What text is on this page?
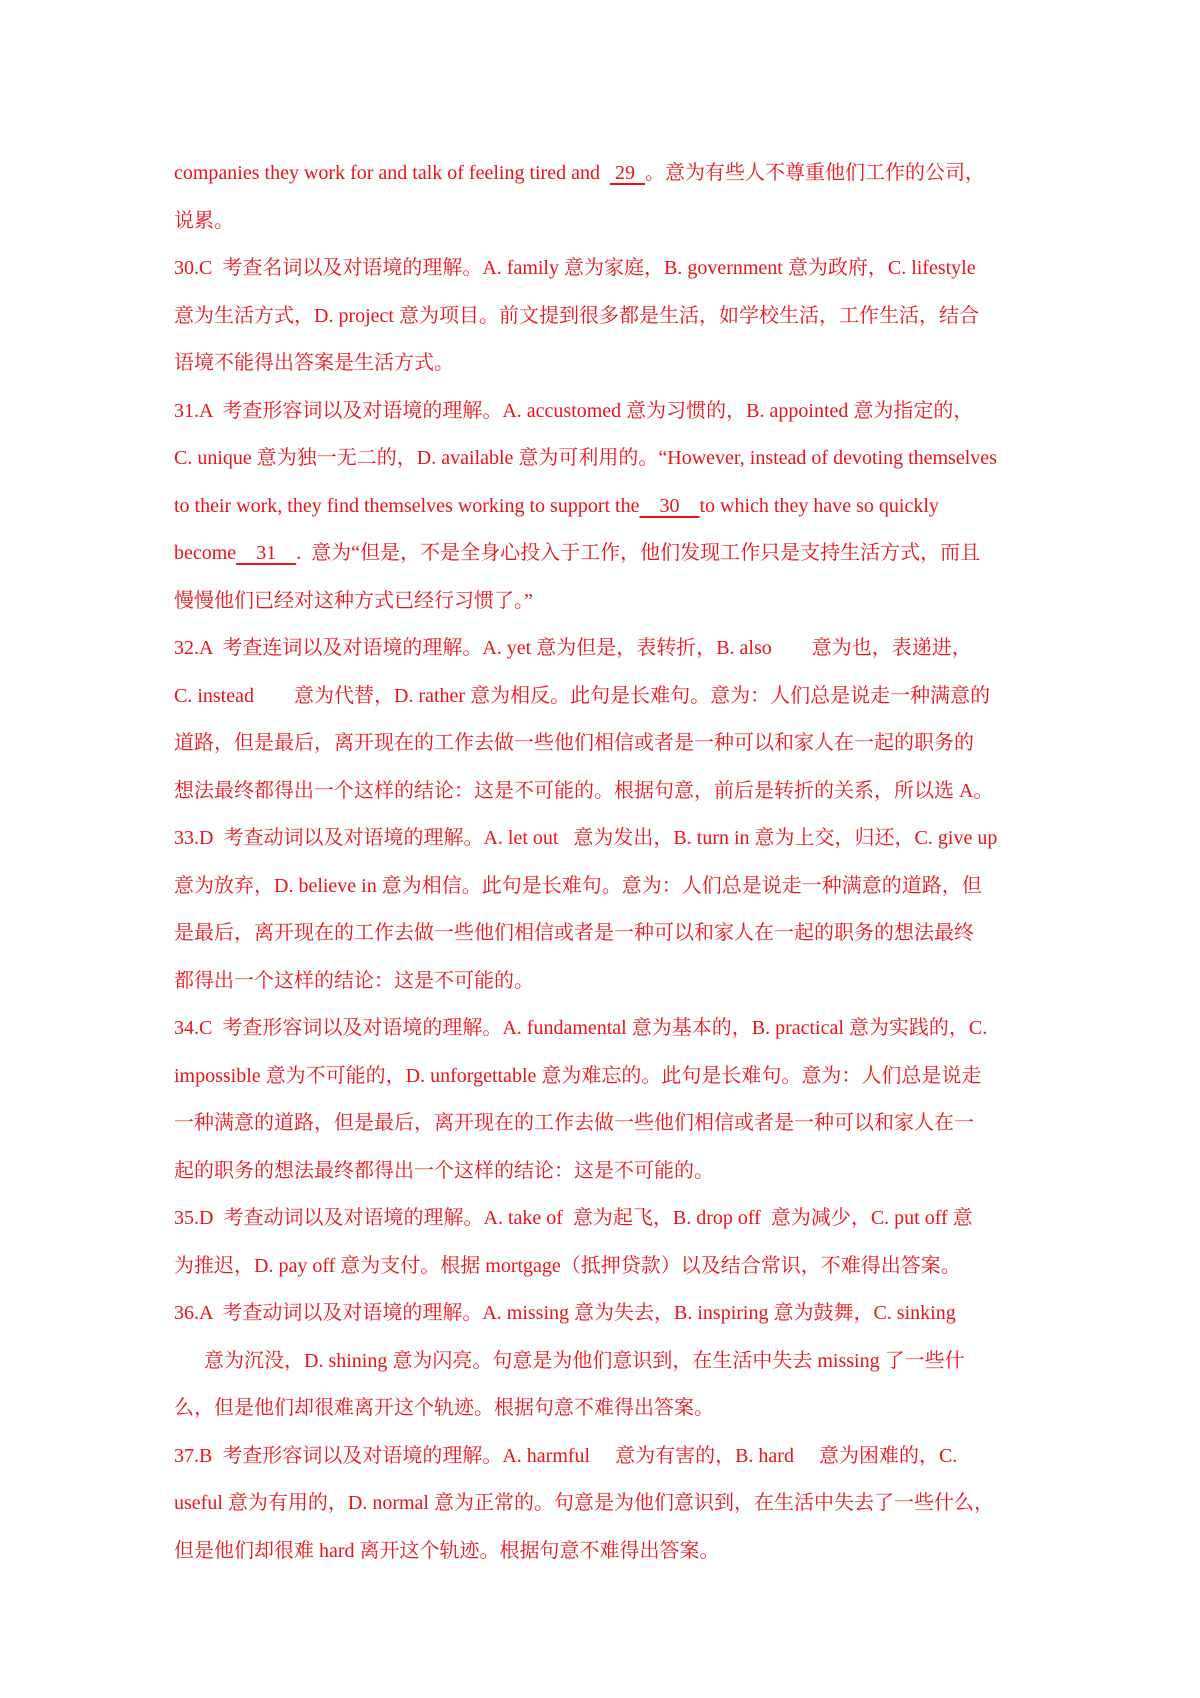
companies they work for and talk of feeling tired and   29  。意为有些人不尊重他们工作的公司，
说累。
30.C  考查名词以及对语境的理解。A. family 意为家庭，B. government 意为政府，C. lifestyle
意为生活方式，D. project 意为项目。前文提到很多都是生活，如学校生活，工作生活，结合
语境不能得出答案是生活方式。
31.A  考查形容词以及对语境的理解。A. accustomed 意为习惯的，B. appointed 意为指定的，
C. unique 意为独一无二的，D. available 意为可利用的。“However, instead of devoting themselves
to their work, they find themselves working to support the    30    to which they have so quickly
become    31    .  意为“但是，不是全身心投入于工作，他们发现工作只是支持生活方式，而且
慢慢他们已经对这种方式已经行习惯了。”
32.A  考查连词以及对语境的理解。A. yet 意为但是，表转折，B. also        意为也，表递进，
C. instead        意为代替，D. rather 意为相反。此句是长难句。意为：人们总是说走一种满意的
道路，但是最后，离开现在的工作去做一些他们相信或者是一种可以和家人在一起的职务的
想法最终都得出一个这样的结论：这是不可能的。根据句意，前后是转折的关系，所以选 A。
33.D  考查动词以及对语境的理解。A. let out   意为发出，B. turn in 意为上交，归还，C. give up
意为放弃，D. believe in 意为相信。此句是长难句。意为：人们总是说走一种满意的道路，但
是最后，离开现在的工作去做一些他们相信或者是一种可以和家人在一起的职务的想法最终
都得出一个这样的结论：这是不可能的。
34.C  考查形容词以及对语境的理解。A. fundamental 意为基本的，B. practical 意为实践的，C.
impossible 意为不可能的，D. unforgettable 意为难忘的。此句是长难句。意为：人们总是说走
一种满意的道路，但是最后，离开现在的工作去做一些他们相信或者是一种可以和家人在一
起的职务的想法最终都得出一个这样的结论：这是不可能的。
35.D  考查动词以及对语境的理解。A. take of  意为起飞，B. drop off  意为减少，C. put off 意
为推迟，D. pay off 意为支付。根据 mortgage（抵押贷款）以及结合常识，不难得出答案。
36.A  考查动词以及对语境的理解。A. missing 意为失去，B. inspiring 意为鼓舞，C. sinking
意为沉没，D. shining 意为闪亮。句意是为他们意识到，在生活中失去 missing 了一些什
么，但是他们却很难离开这个轨迹。根据句意不难得出答案。
37.B  考查形容词以及对语境的理解。A. harmful     意为有害的，B. hard     意为困难的，C.
useful 意为有用的，D. normal 意为正常的。句意是为他们意识到，在生活中失去了一些什么，
但是他们却很难 hard 离开这个轨迹。根据句意不难得出答案。
